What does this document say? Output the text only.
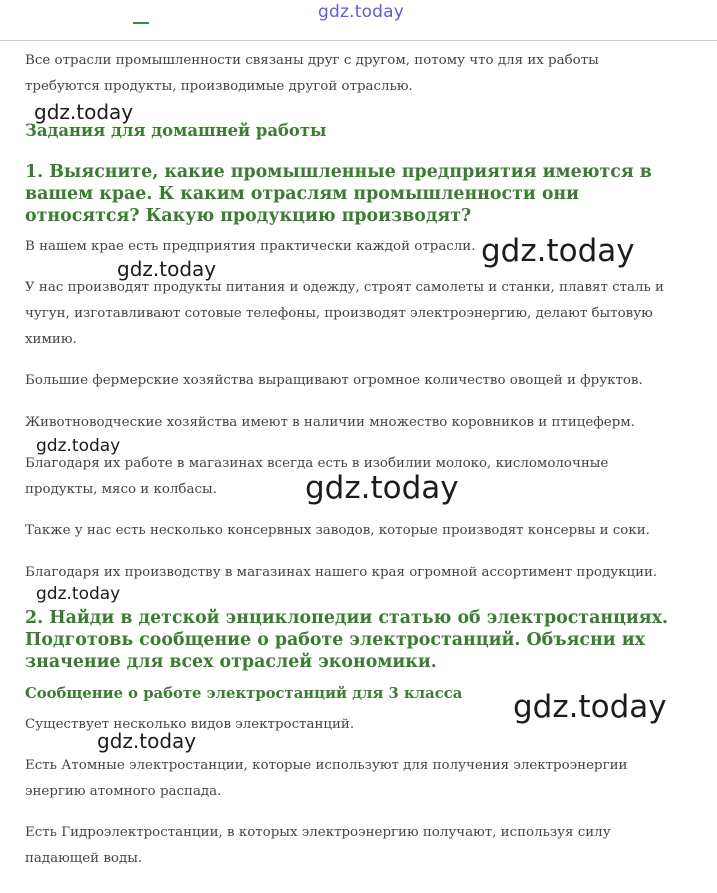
gdz.today

Все отрасли промышленности связаны друг с другом, потому что для их работы требуются продукты, производимые другой отраслью.

Задания для домашней работы
1. Выясните, какие промышленные предприятия имеются в вашем крае. К каким отраслям промышленности они относятся? Какую продукцию производят?

В нашем крае есть предприятия практически каждой отрасли.

У нас производят продукты питания и одежду, строят самолеты и станки, плавят сталь и чугун, изготавливают сотовые телефоны, производят электроэнергию, делают бытовую химию.

Большие фермерские хозяйства выращивают огромное количество овощей и фруктов.

Животноводческие хозяйства имеют в наличии множество коровников и птицеферм.

Благодаря их работе в магазинах всегда есть в изобилии молоко, кисломолочные продукты, мясо и колбасы.

Также у нас есть несколько консервных заводов, которые производят консервы и соки.

Благодаря их производству в магазинах нашего края огромной ассортимент продукции.

2. Найди в детской энциклопедии статью об электростанциях. Подготовь сообщение о работе электростанций. Объясни их значение для всех отраслей экономики.
Сообщение о работе электростанций для 3 класса

Существует несколько видов электростанций.

Есть Атомные электростанции, которые используют для получения электроэнергии энергию атомного распада.

Есть Гидроэлектростанции, в которых электроэнергию получают, используя силу падающей воды.

gdz.today
gdz.today
gdz.today
gdz.today
gdz.today
gdz.today
gdz.today
gdz.today
